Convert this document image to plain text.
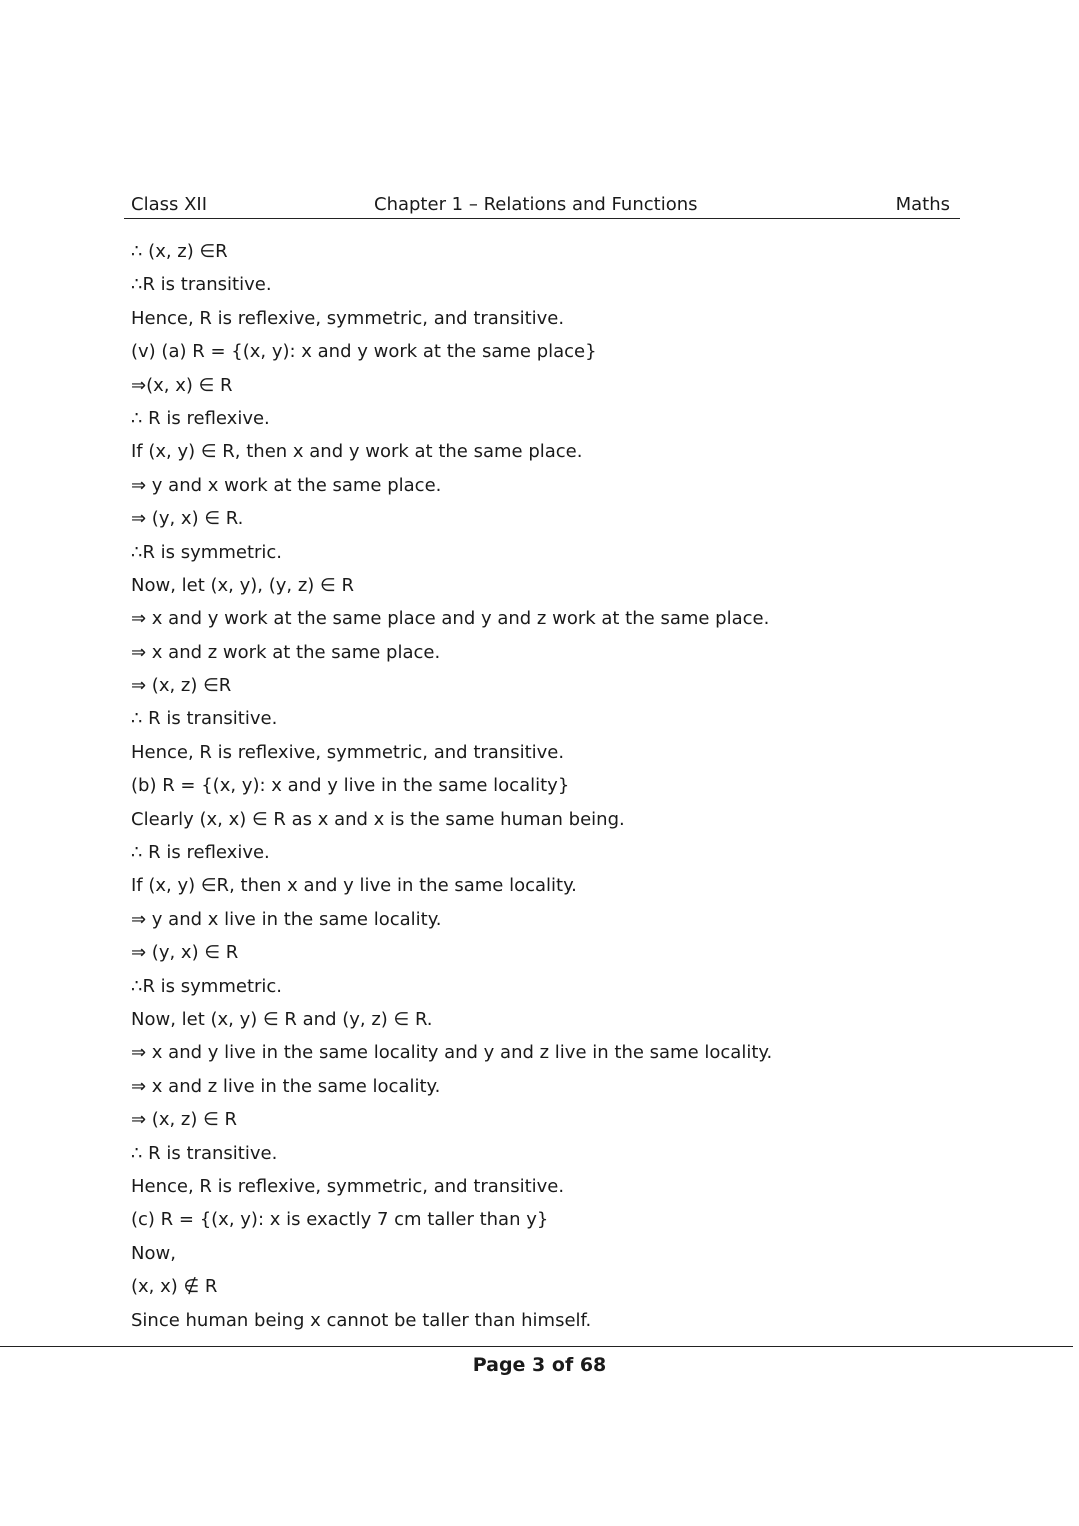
Class XII	Chapter 1 – Relations and Functions	Maths
∴ (x, z) ∈R
∴R is transitive.
Hence, R is reflexive, symmetric, and transitive.
(v) (a) R = {(x, y): x and y work at the same place}
⇒(x, x) ∈ R
∴ R is reflexive.
If (x, y) ∈ R, then x and y work at the same place.
⇒ y and x work at the same place.
⇒ (y, x) ∈ R.
∴R is symmetric.
Now, let (x, y), (y, z) ∈ R
⇒ x and y work at the same place and y and z work at the same place.
⇒ x and z work at the same place.
⇒ (x, z) ∈R
∴ R is transitive.
Hence, R is reflexive, symmetric, and transitive.
(b) R = {(x, y): x and y live in the same locality}
Clearly (x, x) ∈ R as x and x is the same human being.
∴ R is reflexive.
If (x, y) ∈R, then x and y live in the same locality.
⇒ y and x live in the same locality.
⇒ (y, x) ∈ R
∴R is symmetric.
Now, let (x, y) ∈ R and (y, z) ∈ R.
⇒ x and y live in the same locality and y and z live in the same locality.
⇒ x and z live in the same locality.
⇒ (x, z) ∈ R
∴ R is transitive.
Hence, R is reflexive, symmetric, and transitive.
(c) R = {(x, y): x is exactly 7 cm taller than y}
Now,
(x, x) ∉ R
Since human being x cannot be taller than himself.
Page 3 of 68
